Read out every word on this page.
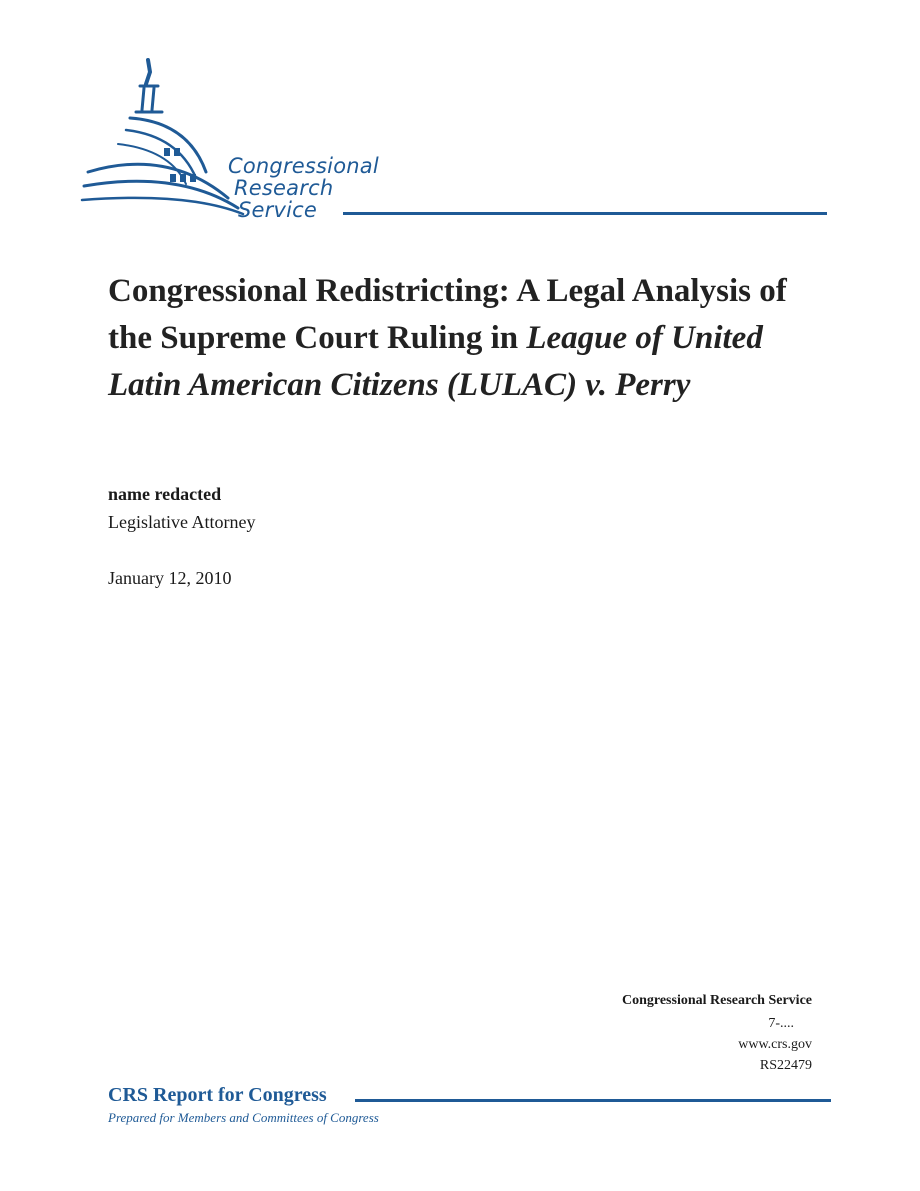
Congressional
Research
Service
Congressional Redistricting: A Legal Analysis of the Supreme Court Ruling in League of United Latin American Citizens (LULAC) v. Perry
name redacted
Legislative Attorney
January 12, 2010
Congressional Research Service
7-....
www.crs.gov
RS22479
CRS Report for Congress
Prepared for Members and Committees of Congress
